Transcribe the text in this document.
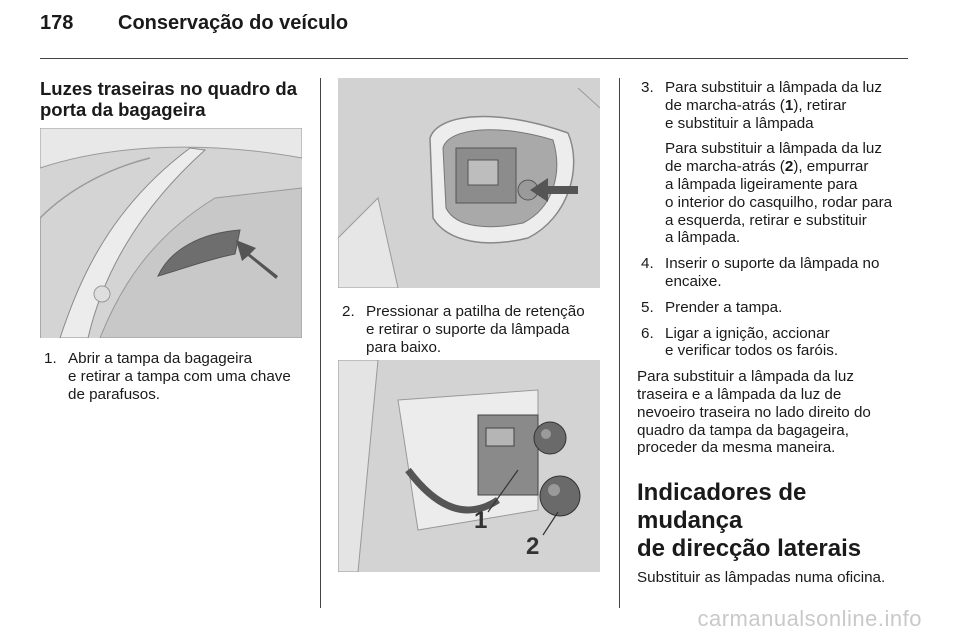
178 Conservação do veículo
Luzes traseiras no quadro da
porta da bagageira
1. Abrir a tampa da bagageira
e retirar a tampa com uma chave
de parafusos.
2. Pressionar a patilha de retenção
e retirar o suporte da lâmpada
para baixo.
1
2
3. Para substituir a lâmpada da luz
de marcha-atrás (1), retirar
e substituir a lâmpada

Para substituir a lâmpada da luz
de marcha-atrás (2), empurrar
a lâmpada ligeiramente para
o interior do casquilho, rodar para
a esquerda, retirar e substituir
a lâmpada.

4. Inserir o suporte da lâmpada no
encaixe.
5. Prender a tampa.
6. Ligar a ignição, accionar
e verificar todos os faróis.
Para substituir a lâmpada da luz
traseira e a lâmpada da luz de
nevoeiro traseira no lado direito do
quadro da tampa da bagageira,
proceder da mesma maneira.
Indicadores de mudança
de direcção laterais
Substituir as lâmpadas numa oficina.
carmanualsonline.info
